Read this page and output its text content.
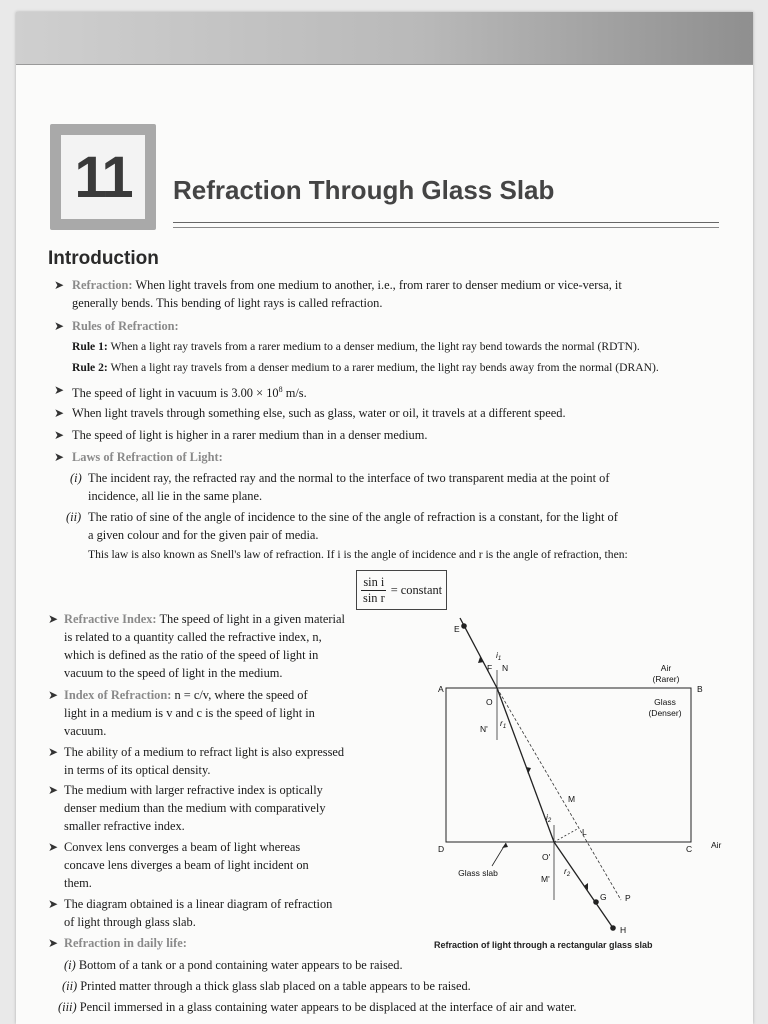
11	Refraction Through Glass Slab
Introduction
➤ Refraction: When light travels from one medium to another, i.e., from rarer to denser medium or vice-versa, it
generally bends. This bending of light rays is called refraction.
➤ Rules of Refraction:
Rule 1: When a light ray travels from a rarer medium to a denser medium, the light ray bend towards the normal (RDTN).
Rule 2: When a light ray travels from a denser medium to a rarer medium, the light ray bends away from the normal (DRAN).
➤ The speed of light in vacuum is $3.00 \times 10^8$ m/s.
➤ When light travels through something else, such as glass, water or oil, it travels at a different speed.
➤ The speed of light is higher in a rarer medium than in a denser medium.
➤ Laws of Refraction of Light:
(i) The incident ray, the refracted ray and the normal to the interface of two transparent media at the point of
incidence, all lie in the same plane.
(ii) The ratio of sine of the angle of incidence to the sine of the angle of refraction is a constant, for the light of
a given colour and for the given pair of media.
This law is also known as Snell's law of refraction. If i is the angle of incidence and r is the angle of refraction, then:
$\frac{\text{sin i}}{\text{sin r}}$ = constant
➤ Refractive Index: The speed of light in a given material
is related to a quantity called the refractive index, n,
which is defined as the ratio of the speed of light in
vacuum to the speed of light in the medium.
➤ Index of Refraction: n = c/v, where the speed of
light in a medium is v and c is the speed of light in
vacuum.
➤ The ability of a medium to refract light is also expressed
in terms of its optical density.
➤ The medium with larger refractive index is optically
denser medium than the medium with comparatively
smaller refractive index.
➤ Convex lens converges a beam of light whereas
concave lens diverges a beam of light incident on
them.
➤ The diagram obtained is a linear diagram of refraction
of light through glass slab.
➤ Refraction in daily life:
(i) Bottom of a tank or a pond containing water appears to be raised.
(ii) Printed matter through a thick glass slab placed on a table appears to be raised.
(iii) Pencil immersed in a glass containing water appears to be displaced at the interface of air and water.
E
F N
$i_1$
A	B
O
N'
$r_1$
M
$i_2$
L
D	C Air
O'
M'
$r_2$
G P
H
Air
(Rarer)
Glass
(Denser)
Glass slab
Refraction of light through a rectangular glass slab
